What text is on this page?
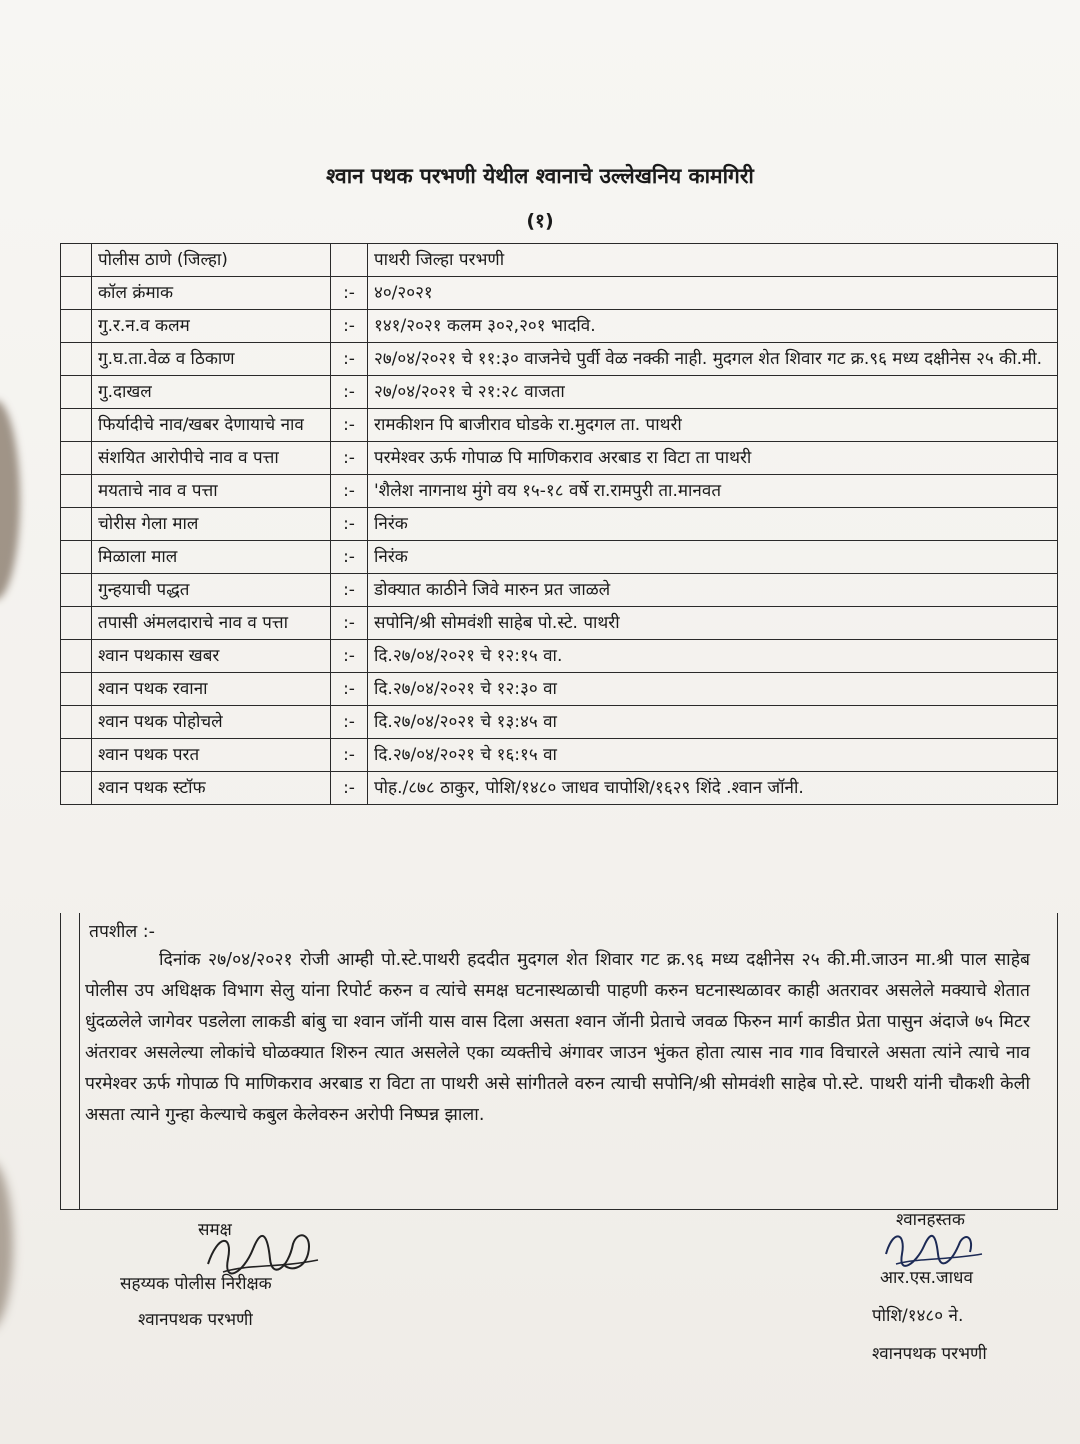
श्वान पथक परभणी येथील श्वानाचे उल्लेखनिय कामगिरी
(१)
	पोलीस ठाणे (जिल्हा)		पाथरी जिल्हा परभणी
	कॉल क्रंमाक	:-	४०/२०२१
	गु.र.न.व कलम	:-	१४१/२०२१ कलम ३०२,२०१ भादवि.
	गु.घ.ता.वेळ व ठिकाण	:-	२७/०४/२०२१ चे ११:३० वाजनेचे पुर्वी वेळ नक्की नाही. मुदगल शेत शिवार गट क्र.९६ मध्य दक्षीनेस २५ की.मी.
	गु.दाखल	:-	२७/०४/२०२१ चे २१:२८ वाजता
	फिर्यादीचे नाव/खबर देणायाचे नाव	:-	रामकीशन पि बाजीराव घोडके रा.मुदगल ता. पाथरी
	संशयित आरोपीचे नाव व पत्ता	:-	परमेश्वर ऊर्फ गोपाळ पि माणिकराव अरबाड रा विटा ता पाथरी
	मयताचे नाव व पत्ता	:-	'शैलेश नागनाथ मुंगे वय १५-१८ वर्षे रा.रामपुरी ता.मानवत
	चोरीस गेला माल	:-	निरंक
	मिळाला माल	:-	निरंक
	गुन्हयाची पद्धत	:-	डोक्यात काठीने जिवे मारुन प्रत जाळले
	तपासी अंमलदाराचे नाव व पत्ता	:-	सपोनि/श्री सोमवंशी साहेब पो.स्टे. पाथरी
	श्वान पथकास खबर	:-	दि.२७/०४/२०२१ चे १२:१५ वा.
	श्वान पथक रवाना	:-	दि.२७/०४/२०२१ चे १२:३० वा
	श्वान पथक पोहोचले	:-	दि.२७/०४/२०२१ चे १३:४५ वा
	श्वान पथक परत	:-	दि.२७/०४/२०२१ चे १६:१५ वा
	श्वान पथक स्टॉफ	:-	पोह./८७८ ठाकुर, पोशि/१४८० जाधव चापोशि/१६२९ शिंदे .श्वान जॉनी.
तपशील :-
दिनांक २७/०४/२०२१ रोजी आम्ही पो.स्टे.पाथरी हददीत मुदगल शेत शिवार गट क्र.९६ मध्य दक्षीनेस २५ की.मी.जाउन मा.श्री पाल साहेब पोलीस उप अधिक्षक विभाग सेलु यांना रिपोर्ट करुन व त्यांचे समक्ष घटनास्थळाची पाहणी करुन घटनास्थळावर काही अतरावर असलेले मक्याचे शेतात धुंदळलेले जागेवर पडलेला लाकडी बांबु चा श्वान जॉनी यास वास दिला असता श्वान जॅानी प्रेताचे जवळ फिरुन मार्ग काडीत प्रेता पासुन अंदाजे ७५ मिटर अंतरावर असलेल्या लोकांचे घोळक्यात शिरुन त्यात असलेले एका व्यक्तीचे अंगावर जाउन भुंकत होता त्यास नाव गाव विचारले असता त्यांने त्याचे नाव परमेश्वर ऊर्फ गोपाळ पि माणिकराव अरबाड रा विटा ता पाथरी असे सांगीतले वरुन त्याची सपोनि/श्री सोमवंशी साहेब पो.स्टे. पाथरी यांनी चौकशी केली असता त्याने गुन्हा केल्याचे कबुल केलेवरुन अरोपी निष्पन्न झाला.
समक्ष
सहय्यक पोलीस निरीक्षक
श्वानपथक परभणी
श्वानहस्तक
आर.एस.जाधव
पोशि/१४८० ने.
श्वानपथक परभणी
